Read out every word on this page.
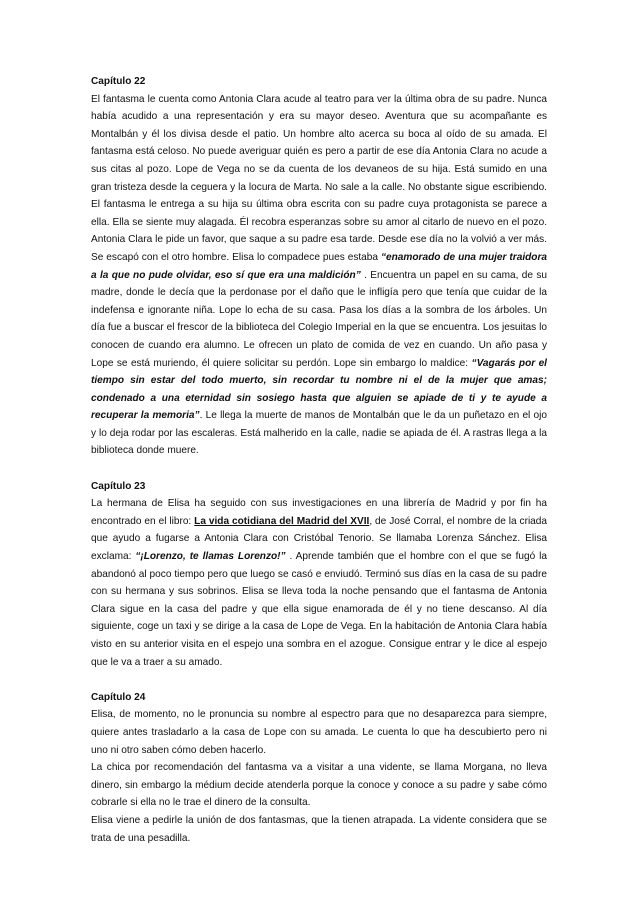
Capítulo 22

El fantasma le cuenta como Antonia Clara acude al teatro para ver la última obra de su padre. Nunca había acudido a una representación y era su mayor deseo. Aventura que su acompañante es Montalbán y él los divisa desde el patio. Un hombre alto acerca su boca al oído de su amada. El fantasma está celoso. No puede averiguar quién es pero a partir de ese día Antonia Clara no acude a sus citas al pozo. Lope de Vega no se da cuenta de los devaneos de su hija. Está sumido en una gran tristeza desde la ceguera y la locura de Marta. No sale a la calle. No obstante sigue escribiendo. El fantasma le entrega a su hija su última obra escrita con su padre cuya protagonista se parece a ella. Ella se siente muy alagada. Él recobra esperanzas sobre su amor al citarlo de nuevo en el pozo. Antonia Clara le pide un favor, que saque a su padre esa tarde. Desde ese día no la volvió a ver más. Se escapó con el otro hombre. Elisa lo compadece pues estaba “enamorado de una mujer traidora a la que no pude olvidar, eso sí que era una maldición” . Encuentra un papel en su cama, de su madre, donde le decía que la perdonase por el daño que le infligía pero que tenía que cuidar de la indefensa e ignorante niña. Lope lo echa de su casa. Pasa los días a la sombra de los árboles. Un día fue a buscar el frescor de la biblioteca del Colegio Imperial en la que se encuentra. Los jesuitas lo conocen de cuando era alumno. Le ofrecen un plato de comida de vez en cuando. Un año pasa y Lope se está muriendo, él quiere solicitar su perdón. Lope sin embargo lo maldice: “Vagarás por el tiempo sin estar del todo muerto, sin recordar tu nombre ni el de la mujer que amas; condenado a una eternidad sin sosiego hasta que alguien se apiade de ti y te ayude a recuperar la memoria”. Le llega la muerte de manos de Montalbán que le da un puñetazo en el ojo y lo deja rodar por las escaleras. Está malherido en la calle, nadie se apiada de él. A rastras llega a la biblioteca donde muere.

Capítulo 23

La hermana de Elisa ha seguido con sus investigaciones en una librería de Madrid y por fin ha encontrado en el libro: La vida cotidiana del Madrid del XVII, de José Corral, el nombre de la criada que ayudo a fugarse a Antonia Clara con Cristóbal Tenorio. Se llamaba Lorenza Sánchez. Elisa exclama: “¡Lorenzo, te llamas Lorenzo!” . Aprende también que el hombre con el que se fugó la abandonó al poco tiempo pero que luego se casó e enviudó. Terminó sus días en la casa de su padre con su hermana y sus sobrinos. Elisa se lleva toda la noche pensando que el fantasma de Antonia Clara sigue en la casa del padre y que ella sigue enamorada de él y no tiene descanso. Al día siguiente, coge un taxi y se dirige a la casa de Lope de Vega. En la habitación de Antonia Clara había visto en su anterior visita en el espejo una sombra en el azogue. Consigue entrar y le dice al espejo que le va a traer a su amado.

Capítulo 24

Elisa, de momento, no le pronuncia su nombre al espectro para que no desaparezca para siempre, quiere antes trasladarlo a la casa de Lope con su amada. Le cuenta lo que ha descubierto pero ni uno ni otro saben cómo deben hacerlo.

La chica por recomendación del fantasma va a visitar a una vidente, se llama Morgana, no lleva dinero, sin embargo la médium decide atenderla porque la conoce y conoce a su padre y sabe cómo cobrarle si ella no le trae el dinero de la consulta.

Elisa viene a pedirle la unión de dos fantasmas, que la tienen atrapada. La vidente considera que se trata de una pesadilla.
